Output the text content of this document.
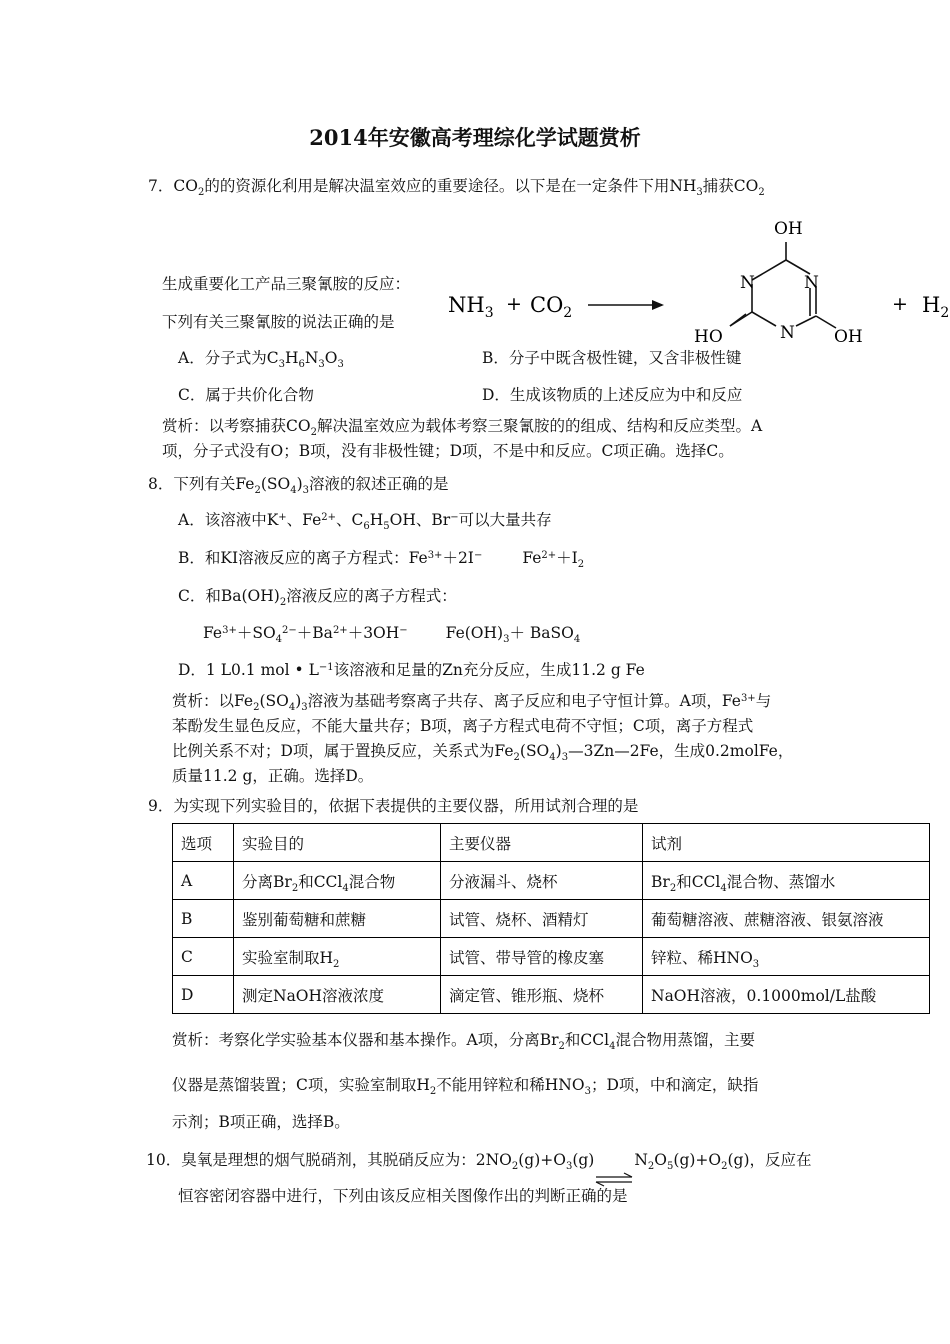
2014年安徽高考理综化学试题赏析
7．$CO_2$的的资源化利用是解决温室效应的重要途径。以下是在一定条件下用$NH_3$捕获$CO_2$
生成重要化工产品三聚氰胺的反应：
下列有关三聚氰胺的说法正确的是
$NH_3 + CO_2$
OH
N	N
N
HO	OH
+ $H_2$
A．分子式为$C_3H_6N_3O_3$	B．分子中既含极性键，又含非极性键
C．属于共价化合物	D．生成该物质的上述反应为中和反应
赏析：以考察捕获$CO_2$解决温室效应为载体考察三聚氰胺的的组成、结构和反应类型。A
项，分子式没有O；B项，没有非极性键；D项，不是中和反应。C项正确。选择C。
8．下列有关$Fe_2(SO_4)_3$溶液的叙述正确的是
A．该溶液中K+、$Fe^{2+}$、$C_6H_5OH$、Br−可以大量共存
B．和KI溶液反应的离子方程式：$Fe^{3+}+2I^-$	$Fe^{2+}+I_2$
C．和$Ba(OH)_2$溶液反应的离子方程式：
$Fe^{3+}+SO_4^{2-}+Ba^{2+}+3OH^-$ $Fe(OH)_3+$ BaSO$_4$
D．1 L0.1 mol • $L^{-1}$该溶液和足量的Zn充分反应，生成11.2 g Fe
赏析：以$Fe_2(SO_4)_3$溶液为基础考察离子共存、离子反应和电子守恒计算。A项，$Fe^{3+}$与
苯酚发生显色反应，不能大量共存；B项，离子方程式电荷不守恒；C项，离子方程式
比例关系不对；D项，属于置换反应，关系式为$Fe_2(SO_4)_3—3Zn—2Fe$，生成0.2molFe，
质量11.2 g，正确。选择D。
9．为实现下列实验目的，依据下表提供的主要仪器，所用试剂合理的是
选项	实验目的	主要仪器	试剂
A	分离$Br_2$和CCl$_4$混合物	分液漏斗、烧杯	$Br_2$和CCl$_4$混合物、蒸馏水
B	鉴别葡萄糖和蔗糖	试管、烧杯、酒精灯	葡萄糖溶液、蔗糖溶液、银氨溶液
C	实验室制取$H_2$	试管、带导管的橡皮塞	锌粒、稀$HNO_3$
D	测定NaOH溶液浓度	滴定管、锥形瓶、烧杯	NaOH溶液，0.1000mol/L盐酸
赏析：考察化学实验基本仪器和基本操作。A项，分离$Br_2$和CCl$_4$混合物用蒸馏，主要
仪器是蒸馏装置；C项，实验室制取$H_2$不能用锌粒和稀$HNO_3$；D项，中和滴定，缺指
示剂；B项正确，选择B。
10．臭氧是理想的烟气脱硝剂，其脱硝反应为：$2NO_2(g)+O_3(g)$	$N_2O_5(g)+O_2(g)$，反应在
恒容密闭容器中进行，下列由该反应相关图像作出的判断正确的是
